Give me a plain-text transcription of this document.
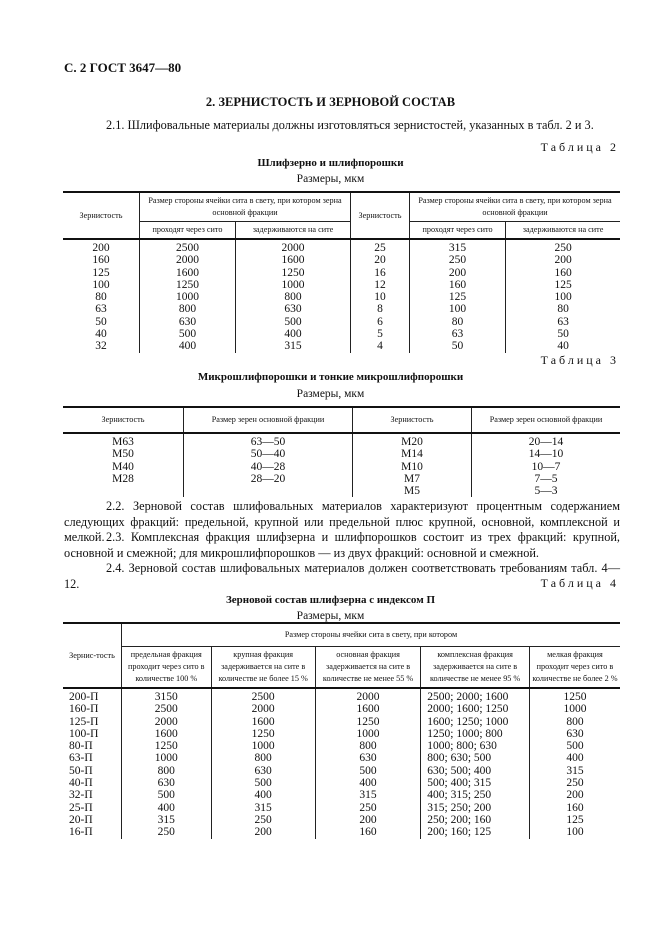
С. 2 ГОСТ 3647—80
2. ЗЕРНИСТОСТЬ И ЗЕРНОВОЙ СОСТАВ
2.1. Шлифовальные материалы должны изготовляться зернистостей, указанных в табл. 2 и 3.
Таблица 2
Шлифзерно и шлифпорошки
Размеры, мкм
Зернистость	Размер стороны ячейки сита в свету, при котором зерна основной фракции		Зернистость	Размер стороны ячейки сита в свету, при котором зерна основной фракции	
	проходят через сито	задерживаются на сите		проходят через сито	задерживаются на сите
200	2500	2000	25	315	250
160	2000	1600	20	250	200
125	1600	1250	16	200	160
100	1250	1000	12	160	125
80	1000	800	10	125	100
63	800	630	8	100	80
50	630	500	6	80	63
40	500	400	5	63	50
32	400	315	4	50	40
Таблица 3
Микрошлифпорошки и тонкие микрошлифпорошки
Размеры, мкм
Зернистость	Размер зерен основной фракции	Зернистость	Размер зерен основной фракции
М63	63—50	М20	20—14
М50	50—40	М14	14—10
М40	40—28	М10	10—7
М28	28—20	М7	7—5
		М5	5—3
2.2. Зерновой состав шлифовальных материалов характеризуют процентным содержанием следующих фракций: предельной, крупной или предельной плюс крупной, основной, комплексной и мелкой. 2.3. Комплексная фракция шлифзерна и шлифпорошков состоит из трех фракций: крупной, основной и смежной; для микрошлифпорошков — из двух фракций: основной и смежной.
2.4. Зерновой состав шлифовальных материалов должен соответствовать требованиям табл. 4—12.	Таблица 4
Зерновой состав шлифзерна с индексом П
Размеры, мкм
Зернис-тость	Размер стороны ячейки сита в свету, при котором				
	предельная фракция проходит через сито в количестве 100 %	крупная фракция задерживается на сите в количестве не более 15 %	основная фракция задерживается на сите в количестве не менее 55 %	комплексная фракция задерживается на сите в количестве не менее 95 %	мелкая фракция проходит через сито в количестве не более 2 %
200-П	3150	2500	2000	2500; 2000; 1600	1250
160-П	2500	2000	1600	2000; 1600; 1250	1000
125-П	2000	1600	1250	1600; 1250; 1000	800
100-П	1600	1250	1000	1250; 1000; 800	630
80-П	1250	1000	800	1000; 800; 630	500
63-П	1000	800	630	800; 630; 500	400
50-П	800	630	500	630; 500; 400	315
40-П	630	500	400	500; 400; 315	250
32-П	500	400	315	400; 315; 250	200
25-П	400	315	250	315; 250; 200	160
20-П	315	250	200	250; 200; 160	125
16-П	250	200	160	200; 160; 125	100
